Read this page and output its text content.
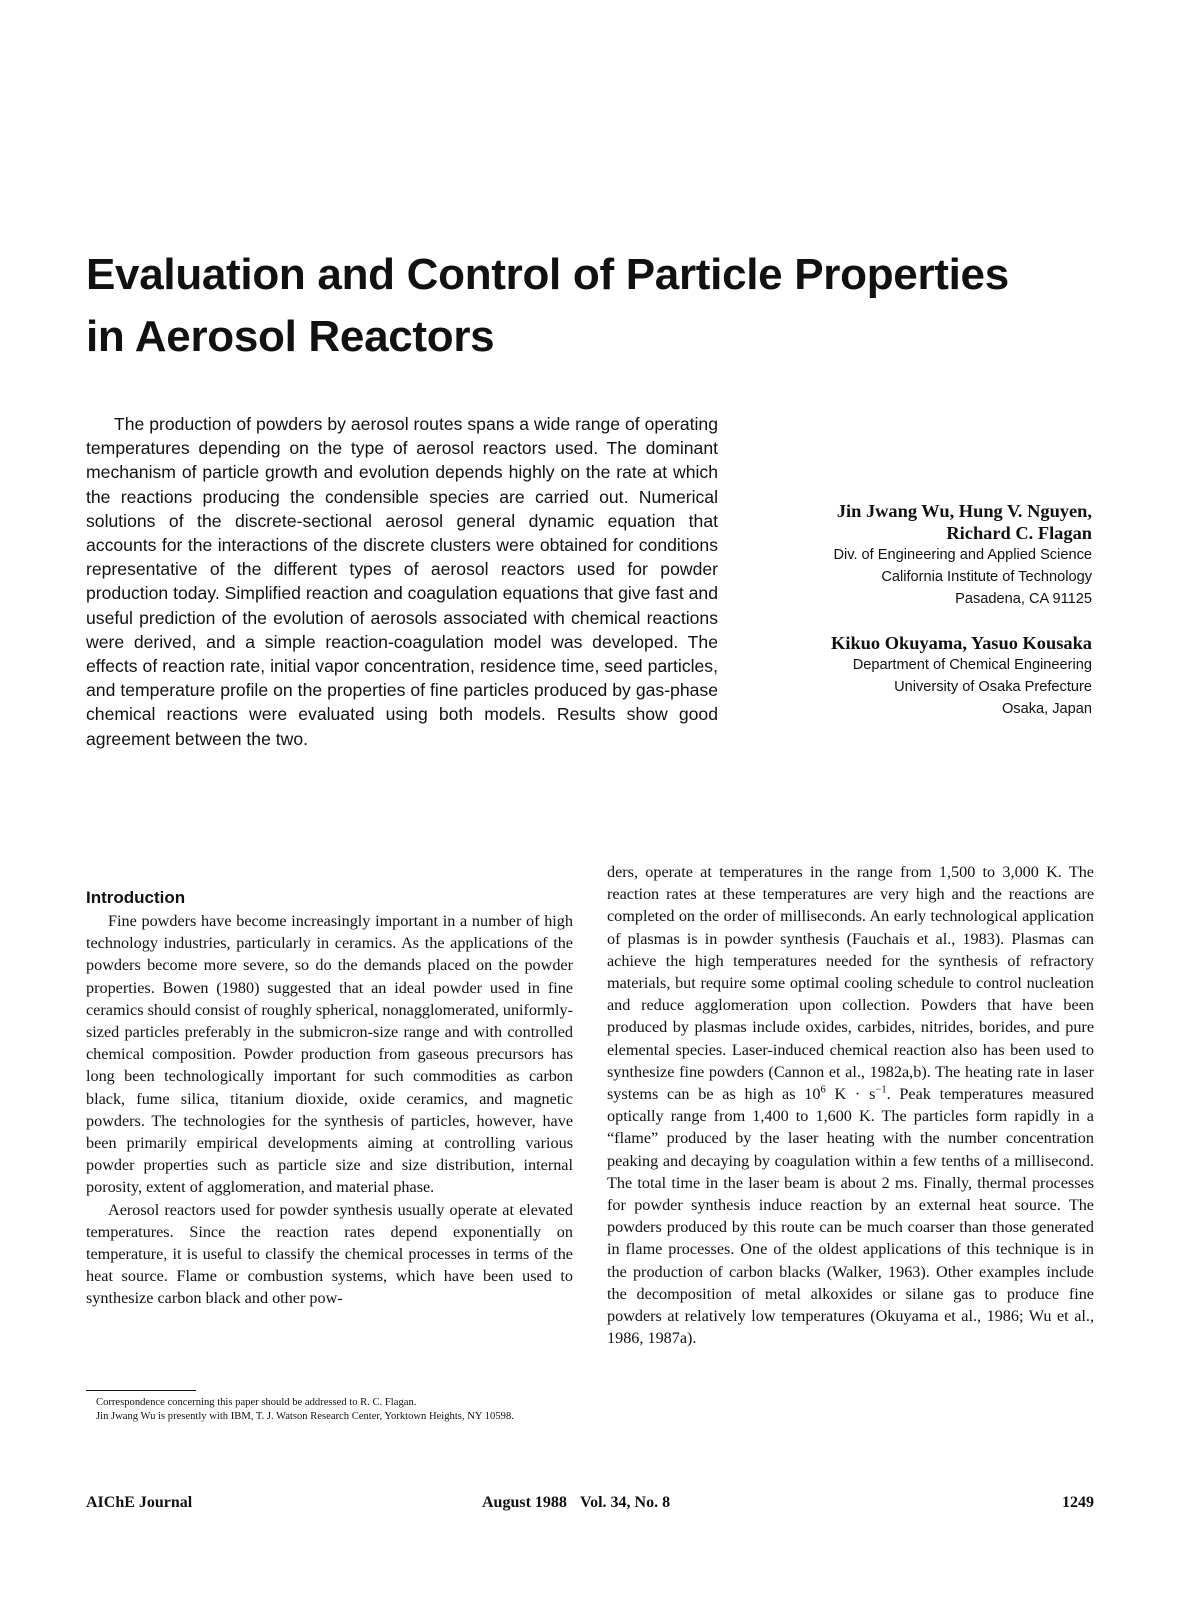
Evaluation and Control of Particle Properties
in Aerosol Reactors

The production of powders by aerosol routes spans a wide range of operating temperatures depending on the type of aerosol reactors used. The dominant mechanism of particle growth and evolution depends highly on the rate at which the reactions producing the condensible species are carried out. Numerical solutions of the discrete-sectional aerosol general dynamic equation that accounts for the interactions of the discrete clusters were obtained for conditions representative of the different types of aerosol reactors used for powder production today. Simplified reaction and coagulation equations that give fast and useful prediction of the evolution of aerosols associated with chemical reactions were derived, and a simple reaction-coagulation model was developed. The effects of reaction rate, initial vapor concentration, residence time, seed particles, and temperature profile on the properties of fine particles produced by gas-phase chemical reactions were evaluated using both models. Results show good agreement between the two.

Jin Jwang Wu, Hung V. Nguyen,
Richard C. Flagan

Div. of Engineering and Applied Science

California Institute of Technology

Pasadena, CA 91125

Kikuo Okuyama, Yasuo Kousaka

Department of Chemical Engineering

University of Osaka Prefecture

Osaka, Japan

Introduction

Fine powders have become increasingly important in a number of high technology industries, particularly in ceramics. As the applications of the powders become more severe, so do the demands placed on the powder properties. Bowen (1980) suggested that an ideal powder used in fine ceramics should consist of roughly spherical, nonagglomerated, uniformly-sized particles preferably in the submicron-size range and with controlled chemical composition. Powder production from gaseous precursors has long been technologically important for such commodities as carbon black, fume silica, titanium dioxide, oxide ceramics, and magnetic powders. The technologies for the synthesis of particles, however, have been primarily empirical developments aiming at controlling various powder properties such as particle size and size distribution, internal porosity, extent of agglomeration, and material phase.

Aerosol reactors used for powder synthesis usually operate at elevated temperatures. Since the reaction rates depend exponentially on temperature, it is useful to classify the chemical processes in terms of the heat source. Flame or combustion systems, which have been used to synthesize carbon black and other pow-

ders, operate at temperatures in the range from 1,500 to 3,000 K. The reaction rates at these temperatures are very high and the reactions are completed on the order of milliseconds. An early technological application of plasmas is in powder synthesis (Fauchais et al., 1983). Plasmas can achieve the high temperatures needed for the synthesis of refractory materials, but require some optimal cooling schedule to control nucleation and reduce agglomeration upon collection. Powders that have been produced by plasmas include oxides, carbides, nitrides, borides, and pure elemental species. Laser-induced chemical reaction also has been used to synthesize fine powders (Cannon et al., 1982a,b). The heating rate in laser systems can be as high as $10^6$ $K \cdot s^{-1}$. Peak temperatures measured optically range from 1,400 to 1,600 K. The particles form rapidly in a “flame” produced by the laser heating with the number concentration peaking and decaying by coagulation within a few tenths of a millisecond. The total time in the laser beam is about 2 ms. Finally, thermal processes for powder synthesis induce reaction by an external heat source. The powders produced by this route can be much coarser than those generated in flame processes. One of the oldest applications of this technique is in the production of carbon blacks (Walker, 1963). Other examples include the decomposition of metal alkoxides or silane gas to produce fine powders at relatively low temperatures (Okuyama et al., 1986; Wu et al., 1986, 1987a).

Correspondence concerning this paper should be addressed to R. C. Flagan.

Jin Jwang Wu is presently with IBM, T. J. Watson Research Center, Yorktown Heights, NY 10598.

AIChE Journal	August 1988 Vol. 34, No. 8	1249
